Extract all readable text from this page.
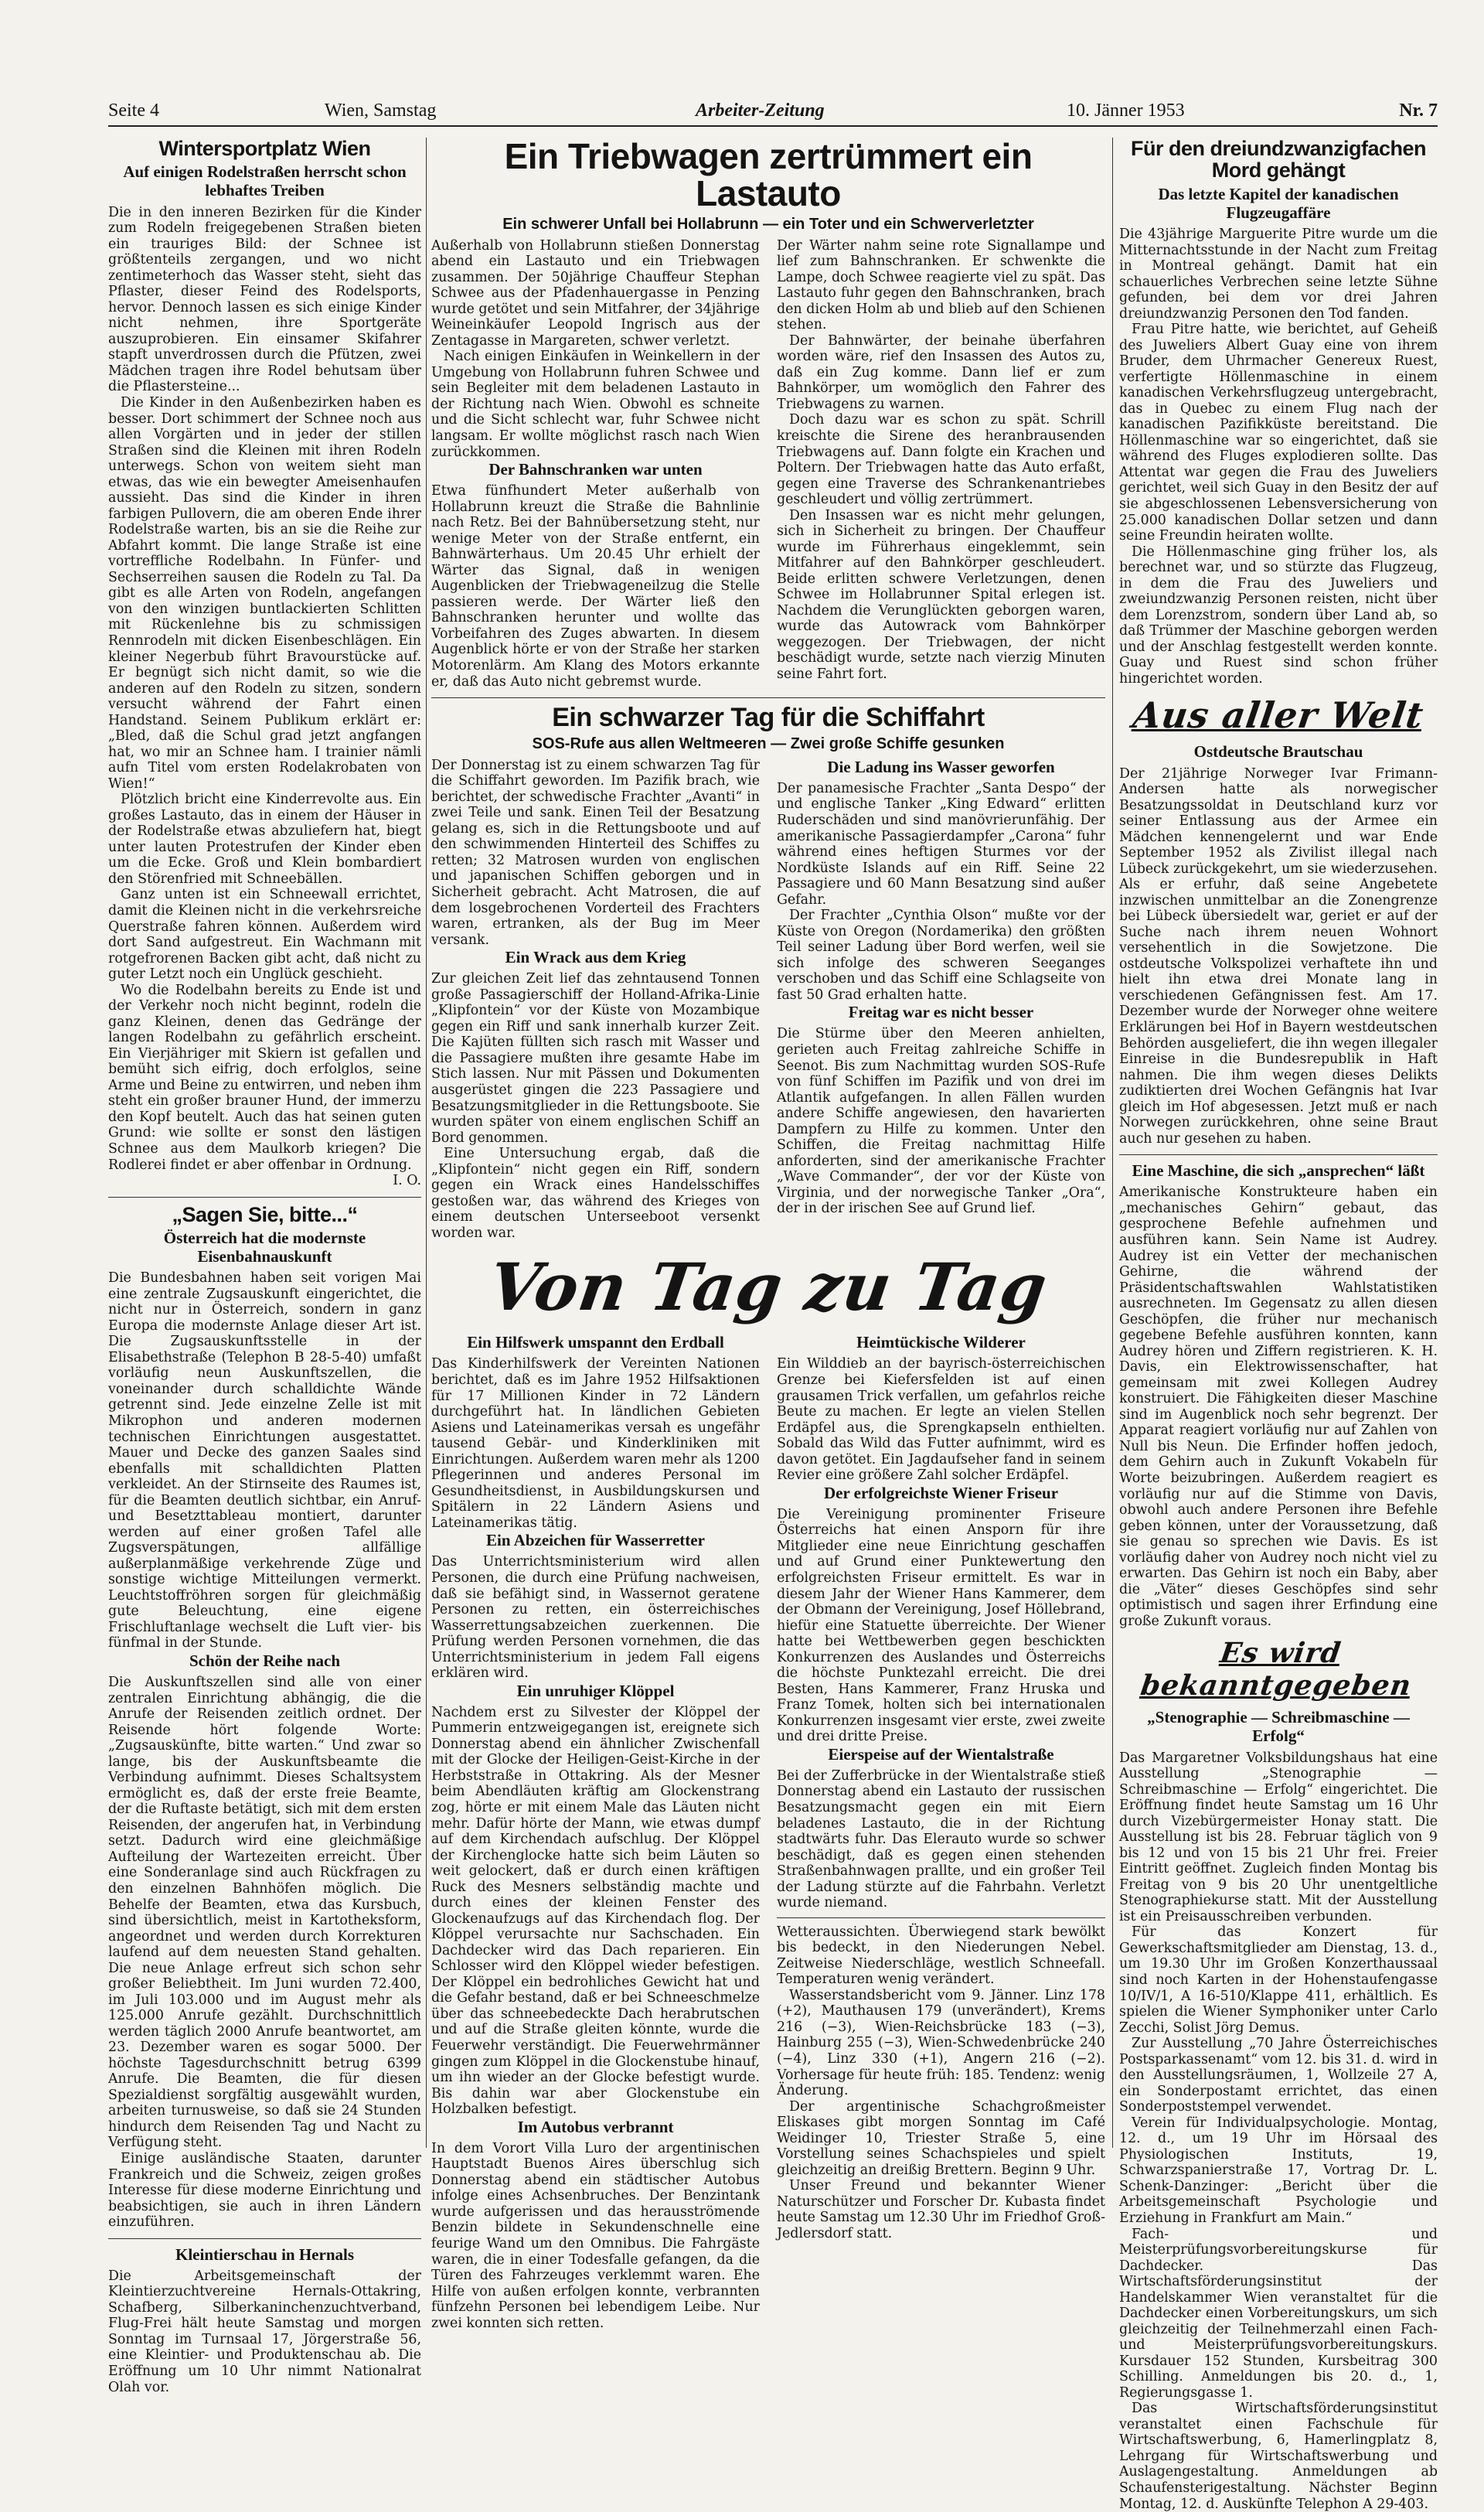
Seite 4	Wien, Samstag	Arbeiter-Zeitung	10. Jänner 1953	Nr. 7
Wintersportplatz Wien
Auf einigen Rodelstraßen herrscht schon lebhaftes Treiben

Die in den inneren Bezirken für die Kinder zum Rodeln freigegebenen Straßen bieten ein trauriges Bild: der Schnee ist größtenteils zergangen, und wo nicht zentimeterhoch das Wasser steht, sieht das Pflaster, dieser Feind des Rodelsports, hervor. Dennoch lassen es sich einige Kinder nicht nehmen, ihre Sportgeräte auszuprobieren. Ein einsamer Skifahrer stapft unverdrossen durch die Pfützen, zwei Mädchen tragen ihre Rodel behutsam über die Pflastersteine...

Die Kinder in den Außenbezirken haben es besser. Dort schimmert der Schnee noch aus allen Vorgärten und in jeder der stillen Straßen sind die Kleinen mit ihren Rodeln unterwegs. Schon von weitem sieht man etwas, das wie ein bewegter Ameisenhaufen aussieht. Das sind die Kinder in ihren farbigen Pullovern, die am oberen Ende ihrer Rodelstraße warten, bis an sie die Reihe zur Abfahrt kommt. Die lange Straße ist eine vortreffliche Rodelbahn. In Fünfer- und Sechserreihen sausen die Rodeln zu Tal. Da gibt es alle Arten von Rodeln, angefangen von den winzigen buntlackierten Schlitten mit Rückenlehne bis zu schmissigen Rennrodeln mit dicken Eisenbeschlägen. Ein kleiner Negerbub führt Bravourstücke auf. Er begnügt sich nicht damit, so wie die anderen auf den Rodeln zu sitzen, sondern versucht während der Fahrt einen Handstand. Seinem Publikum erklärt er: „Bled, daß die Schul grad jetzt angfangen hat, wo mir an Schnee ham. I trainier nämli aufn Titel vom ersten Rodelakrobaten von Wien!“

Plötzlich bricht eine Kinderrevolte aus. Ein großes Lastauto, das in einem der Häuser in der Rodelstraße etwas abzuliefern hat, biegt unter lauten Protestrufen der Kinder eben um die Ecke. Groß und Klein bombardiert den Störenfried mit Schneebällen.

Ganz unten ist ein Schneewall errichtet, damit die Kleinen nicht in die verkehrsreiche Querstraße fahren können. Außerdem wird dort Sand aufgestreut. Ein Wachmann mit rotgefrorenen Backen gibt acht, daß nicht zu guter Letzt noch ein Unglück geschieht.

Wo die Rodelbahn bereits zu Ende ist und der Verkehr noch nicht beginnt, rodeln die ganz Kleinen, denen das Gedränge der langen Rodelbahn zu gefährlich erscheint. Ein Vierjähriger mit Skiern ist gefallen und bemüht sich eifrig, doch erfolglos, seine Arme und Beine zu entwirren, und neben ihm steht ein großer brauner Hund, der immerzu den Kopf beutelt. Auch das hat seinen guten Grund: wie sollte er sonst den lästigen Schnee aus dem Maulkorb kriegen? Die Rodlerei findet er aber offenbar in Ordnung.

I. O.

„Sagen Sie, bitte...“
Österreich hat die modernste Eisenbahnauskunft

Die Bundesbahnen haben seit vorigen Mai eine zentrale Zugsauskunft eingerichtet, die nicht nur in Österreich, sondern in ganz Europa die modernste Anlage dieser Art ist. Die Zugsauskunftsstelle in der Elisabethstraße (Telephon B 28-5-40) umfaßt vorläufig neun Auskunftszellen, die voneinander durch schalldichte Wände getrennt sind. Jede einzelne Zelle ist mit Mikrophon und anderen modernen technischen Einrichtungen ausgestattet. Mauer und Decke des ganzen Saales sind ebenfalls mit schalldichten Platten verkleidet. An der Stirnseite des Raumes ist, für die Beamten deutlich sichtbar, ein Anruf- und Besetzttableau montiert, darunter werden auf einer großen Tafel alle Zugsverspätungen, allfällige außerplanmäßige verkehrende Züge und sonstige wichtige Mitteilungen vermerkt. Leuchtstoffröhren sorgen für gleichmäßig gute Beleuchtung, eine eigene Frischluftanlage wechselt die Luft vier- bis fünfmal in der Stunde.

Schön der Reihe nach

Die Auskunftszellen sind alle von einer zentralen Einrichtung abhängig, die die Anrufe der Reisenden zeitlich ordnet. Der Reisende hört folgende Worte: „Zugsauskünfte, bitte warten.“ Und zwar so lange, bis der Auskunftsbeamte die Verbindung aufnimmt. Dieses Schaltsystem ermöglicht es, daß der erste freie Beamte, der die Ruftaste betätigt, sich mit dem ersten Reisenden, der angerufen hat, in Verbindung setzt. Dadurch wird eine gleichmäßige Aufteilung der Wartezeiten erreicht. Über eine Sonderanlage sind auch Rückfragen zu den einzelnen Bahnhöfen möglich. Die Behelfe der Beamten, etwa das Kursbuch, sind übersichtlich, meist in Kartotheksform, angeordnet und werden durch Korrekturen laufend auf dem neuesten Stand gehalten. Die neue Anlage erfreut sich schon sehr großer Beliebtheit. Im Juni wurden 72.400, im Juli 103.000 und im August mehr als 125.000 Anrufe gezählt. Durchschnittlich werden täglich 2000 Anrufe beantwortet, am 23. Dezember waren es sogar 5000. Der höchste Tagesdurchschnitt betrug 6399 Anrufe. Die Beamten, die für diesen Spezialdienst sorgfältig ausgewählt wurden, arbeiten turnusweise, so daß sie 24 Stunden hindurch dem Reisenden Tag und Nacht zu Verfügung steht.

Einige ausländische Staaten, darunter Frankreich und die Schweiz, zeigen großes Interesse für diese moderne Einrichtung und beabsichtigen, sie auch in ihren Ländern einzuführen.

Kleintierschau in Hernals

Die Arbeitsgemeinschaft der Kleintierzuchtvereine Hernals-Ottakring, Schafberg, Silberkaninchenzuchtverband, Flug-Frei hält heute Samstag und morgen Sonntag im Turnsaal 17, Jörgerstraße 56, eine Kleintier- und Produktenschau ab. Die Eröffnung um 10 Uhr nimmt Nationalrat Olah vor.

Ein Triebwagen zertrümmert ein Lastauto
Ein schwerer Unfall bei Hollabrunn — ein Toter und ein Schwerverletzter

Außerhalb von Hollabrunn stießen Donnerstag abend ein Lastauto und ein Triebwagen zusammen. Der 50jährige Chauffeur Stephan Schwee aus der Pfadenhauergasse in Penzing wurde getötet und sein Mitfahrer, der 34jährige Weineinkäufer Leopold Ingrisch aus der Zentagasse in Margareten, schwer verletzt.

Nach einigen Einkäufen in Weinkellern in der Umgebung von Hollabrunn fuhren Schwee und sein Begleiter mit dem beladenen Lastauto in der Richtung nach Wien. Obwohl es schneite und die Sicht schlecht war, fuhr Schwee nicht langsam. Er wollte möglichst rasch nach Wien zurückkommen.

Der Bahnschranken war unten

Etwa fünfhundert Meter außerhalb von Hollabrunn kreuzt die Straße die Bahnlinie nach Retz. Bei der Bahnübersetzung steht, nur wenige Meter von der Straße entfernt, ein Bahnwärterhaus. Um 20.45 Uhr erhielt der Wärter das Signal, daß in wenigen Augenblicken der Triebwageneilzug die Stelle passieren werde. Der Wärter ließ den Bahnschranken herunter und wollte das Vorbeifahren des Zuges abwarten. In diesem Augenblick hörte er von der Straße her starken Motorenlärm. Am Klang des Motors erkannte er, daß das Auto nicht gebremst wurde.

Der Wärter nahm seine rote Signallampe und lief zum Bahnschranken. Er schwenkte die Lampe, doch Schwee reagierte viel zu spät. Das Lastauto fuhr gegen den Bahnschranken, brach den dicken Holm ab und blieb auf den Schienen stehen.

Der Bahnwärter, der beinahe überfahren worden wäre, rief den Insassen des Autos zu, daß ein Zug komme. Dann lief er zum Bahnkörper, um womöglich den Fahrer des Triebwagens zu warnen.

Doch dazu war es schon zu spät. Schrill kreischte die Sirene des heranbrausenden Triebwagens auf. Dann folgte ein Krachen und Poltern. Der Triebwagen hatte das Auto erfaßt, gegen eine Traverse des Schrankenantriebes geschleudert und völlig zertrümmert.

Den Insassen war es nicht mehr gelungen, sich in Sicherheit zu bringen. Der Chauffeur wurde im Führerhaus eingeklemmt, sein Mitfahrer auf den Bahnkörper geschleudert. Beide erlitten schwere Verletzungen, denen Schwee im Hollabrunner Spital erlegen ist. Nachdem die Verunglückten geborgen waren, wurde das Autowrack vom Bahnkörper weggezogen. Der Triebwagen, der nicht beschädigt wurde, setzte nach vierzig Minuten seine Fahrt fort.

Ein schwarzer Tag für die Schiffahrt
SOS-Rufe aus allen Weltmeeren — Zwei große Schiffe gesunken

Der Donnerstag ist zu einem schwarzen Tag für die Schiffahrt geworden. Im Pazifik brach, wie berichtet, der schwedische Frachter „Avanti“ in zwei Teile und sank. Einen Teil der Besatzung gelang es, sich in die Rettungsboote und auf den schwimmenden Hinterteil des Schiffes zu retten; 32 Matrosen wurden von englischen und japanischen Schiffen geborgen und in Sicherheit gebracht. Acht Matrosen, die auf dem losgebrochenen Vorderteil des Frachters waren, ertranken, als der Bug im Meer versank.

Ein Wrack aus dem Krieg

Zur gleichen Zeit lief das zehntausend Tonnen große Passagierschiff der Holland-Afrika-Linie „Klipfontein“ vor der Küste von Mozambique gegen ein Riff und sank innerhalb kurzer Zeit. Die Kajüten füllten sich rasch mit Wasser und die Passagiere mußten ihre gesamte Habe im Stich lassen. Nur mit Pässen und Dokumenten ausgerüstet gingen die 223 Passagiere und Besatzungsmitglieder in die Rettungsboote. Sie wurden später von einem englischen Schiff an Bord genommen.

Eine Untersuchung ergab, daß die „Klipfontein“ nicht gegen ein Riff, sondern gegen ein Wrack eines Handelsschiffes gestoßen war, das während des Krieges von einem deutschen Unterseeboot versenkt worden war.

Die Ladung ins Wasser geworfen

Der panamesische Frachter „Santa Despo“ der und englische Tanker „King Edward“ erlitten Ruderschäden und sind manövrierunfähig. Der amerikanische Passagierdampfer „Carona“ fuhr während eines heftigen Sturmes vor der Nordküste Islands auf ein Riff. Seine 22 Passagiere und 60 Mann Besatzung sind außer Gefahr.

Der Frachter „Cynthia Olson“ mußte vor der Küste von Oregon (Nordamerika) den größten Teil seiner Ladung über Bord werfen, weil sie sich infolge des schweren Seeganges verschoben und das Schiff eine Schlagseite von fast 50 Grad erhalten hatte.

Freitag war es nicht besser

Die Stürme über den Meeren anhielten, gerieten auch Freitag zahlreiche Schiffe in Seenot. Bis zum Nachmittag wurden SOS-Rufe von fünf Schiffen im Pazifik und von drei im Atlantik aufgefangen. In allen Fällen wurden andere Schiffe angewiesen, den havarierten Dampfern zu Hilfe zu kommen. Unter den Schiffen, die Freitag nachmittag Hilfe anforderten, sind der amerikanische Frachter „Wave Commander“, der vor der Küste von Virginia, und der norwegische Tanker „Ora“, der in der irischen See auf Grund lief.

Von Tag zu Tag
Ein Hilfswerk umspannt den Erdball

Das Kinderhilfswerk der Vereinten Nationen berichtet, daß es im Jahre 1952 Hilfsaktionen für 17 Millionen Kinder in 72 Ländern durchgeführt hat. In ländlichen Gebieten Asiens und Lateinamerikas versah es ungefähr tausend Gebär- und Kinderkliniken mit Einrichtungen. Außerdem waren mehr als 1200 Pflegerinnen und anderes Personal im Gesundheitsdienst, in Ausbildungskursen und Spitälern in 22 Ländern Asiens und Lateinamerikas tätig.

Ein Abzeichen für Wasserretter

Das Unterrichtsministerium wird allen Personen, die durch eine Prüfung nachweisen, daß sie befähigt sind, in Wassernot geratene Personen zu retten, ein österreichisches Wasserrettungsabzeichen zuerkennen. Die Prüfung werden Personen vornehmen, die das Unterrichtsministerium in jedem Fall eigens erklären wird.

Ein unruhiger Klöppel

Nachdem erst zu Silvester der Klöppel der Pummerin entzweigegangen ist, ereignete sich Donnerstag abend ein ähnlicher Zwischenfall mit der Glocke der Heiligen-Geist-Kirche in der Herbststraße in Ottakring. Als der Mesner beim Abendläuten kräftig am Glockenstrang zog, hörte er mit einem Male das Läuten nicht mehr. Dafür hörte der Mann, wie etwas dumpf auf dem Kirchendach aufschlug. Der Klöppel der Kirchenglocke hatte sich beim Läuten so weit gelockert, daß er durch einen kräftigen Ruck des Mesners selbständig machte und durch eines der kleinen Fenster des Glockenaufzugs auf das Kirchendach flog. Der Klöppel verursachte nur Sachschaden. Ein Dachdecker wird das Dach reparieren. Ein Schlosser wird den Klöppel wieder befestigen. Der Klöppel ein bedrohliches Gewicht hat und die Gefahr bestand, daß er bei Schneeschmelze über das schneebedeckte Dach herabrutschen und auf die Straße gleiten könnte, wurde die Feuerwehr verständigt. Die Feuerwehrmänner gingen zum Klöppel in die Glockenstube hinauf, um ihn wieder an der Glocke befestigt wurde. Bis dahin war aber Glockenstube ein Holzbalken befestigt.

Im Autobus verbrannt

In dem Vorort Villa Luro der argentinischen Hauptstadt Buenos Aires überschlug sich Donnerstag abend ein städtischer Autobus infolge eines Achsenbruches. Der Benzintank wurde aufgerissen und das herausströmende Benzin bildete in Sekundenschnelle eine feurige Wand um den Omnibus. Die Fahrgäste waren, die in einer Todesfalle gefangen, da die Türen des Fahrzeuges verklemmt waren. Ehe Hilfe von außen erfolgen konnte, verbrannten fünfzehn Personen bei lebendigem Leibe. Nur zwei konnten sich retten.

Heimtückische Wilderer

Ein Wilddieb an der bayrisch-österreichischen Grenze bei Kiefersfelden ist auf einen grausamen Trick verfallen, um gefahrlos reiche Beute zu machen. Er legte an vielen Stellen Erdäpfel aus, die Sprengkapseln enthielten. Sobald das Wild das Futter aufnimmt, wird es davon getötet. Ein Jagdaufseher fand in seinem Revier eine größere Zahl solcher Erdäpfel.

Der erfolgreichste Wiener Friseur

Die Vereinigung prominenter Friseure Österreichs hat einen Ansporn für ihre Mitglieder eine neue Einrichtung geschaffen und auf Grund einer Punktewertung den erfolgreichsten Friseur ermittelt. Es war in diesem Jahr der Wiener Hans Kammerer, dem der Obmann der Vereinigung, Josef Höllebrand, hiefür eine Statuette überreichte. Der Wiener hatte bei Wettbewerben gegen beschickten Konkurrenzen des Auslandes und Österreichs die höchste Punktezahl erreicht. Die drei Besten, Hans Kammerer, Franz Hruska und Franz Tomek, holten sich bei internationalen Konkurrenzen insgesamt vier erste, zwei zweite und drei dritte Preise.

Eierspeise auf der Wientalstraße

Bei der Zufferbrücke in der Wientalstraße stieß Donnerstag abend ein Lastauto der russischen Besatzungsmacht gegen ein mit Eiern beladenes Lastauto, die in der Richtung stadtwärts fuhr. Das Elerauto wurde so schwer beschädigt, daß es gegen einen stehenden Straßenbahnwagen prallte, und ein großer Teil der Ladung stürzte auf die Fahrbahn. Verletzt wurde niemand.

Wetteraussichten. Überwiegend stark bewölkt bis bedeckt, in den Niederungen Nebel. Zeitweise Niederschläge, westlich Schneefall. Temperaturen wenig verändert.

Wasserstandsbericht vom 9. Jänner. Linz 178 (+2), Mauthausen 179 (unverändert), Krems 216 (−3), Wien-Reichsbrücke 183 (−3), Hainburg 255 (−3), Wien-Schwedenbrücke 240 (−4), Linz 330 (+1), Angern 216 (−2). Vorhersage für heute früh: 185. Tendenz: wenig Änderung.

Der argentinische Schachgroßmeister Eliskases gibt morgen Sonntag im Café Weidinger 10, Triester Straße 5, eine Vorstellung seines Schachspieles und spielt gleichzeitig an dreißig Brettern. Beginn 9 Uhr.

Unser Freund und bekannter Wiener Naturschützer und Forscher Dr. Kubasta findet heute Samstag um 12.30 Uhr im Friedhof Groß-Jedlersdorf statt.

Für den dreiundzwanzigfachen Mord gehängt
Das letzte Kapitel der kanadischen Flugzeugaffäre

Die 43jährige Marguerite Pitre wurde um die Mitternachtsstunde in der Nacht zum Freitag in Montreal gehängt. Damit hat ein schauerliches Verbrechen seine letzte Sühne gefunden, bei dem vor drei Jahren dreiundzwanzig Personen den Tod fanden.

Frau Pitre hatte, wie berichtet, auf Geheiß des Juweliers Albert Guay eine von ihrem Bruder, dem Uhrmacher Genereux Ruest, verfertigte Höllenmaschine in einem kanadischen Verkehrsflugzeug untergebracht, das in Quebec zu einem Flug nach der kanadischen Pazifikküste bereitstand. Die Höllenmaschine war so eingerichtet, daß sie während des Fluges explodieren sollte. Das Attentat war gegen die Frau des Juweliers gerichtet, weil sich Guay in den Besitz der auf sie abgeschlossenen Lebensversicherung von 25.000 kanadischen Dollar setzen und dann seine Freundin heiraten wollte.

Die Höllenmaschine ging früher los, als berechnet war, und so stürzte das Flugzeug, in dem die Frau des Juweliers und zweiundzwanzig Personen reisten, nicht über dem Lorenzstrom, sondern über Land ab, so daß Trümmer der Maschine geborgen werden und der Anschlag festgestellt werden konnte. Guay und Ruest sind schon früher hingerichtet worden.

Aus aller Welt
Ostdeutsche Brautschau

Der 21jährige Norweger Ivar Frimann-Andersen hatte als norwegischer Besatzungssoldat in Deutschland kurz vor seiner Entlassung aus der Armee ein Mädchen kennengelernt und war Ende September 1952 als Zivilist illegal nach Lübeck zurückgekehrt, um sie wiederzusehen. Als er erfuhr, daß seine Angebetete inzwischen unmittelbar an die Zonengrenze bei Lübeck übersiedelt war, geriet er auf der Suche nach ihrem neuen Wohnort versehentlich in die Sowjetzone. Die ostdeutsche Volkspolizei verhaftete ihn und hielt ihn etwa drei Monate lang in verschiedenen Gefängnissen fest. Am 17. Dezember wurde der Norweger ohne weitere Erklärungen bei Hof in Bayern westdeutschen Behörden ausgeliefert, die ihn wegen illegaler Einreise in die Bundesrepublik in Haft nahmen. Die ihm wegen dieses Delikts zudiktierten drei Wochen Gefängnis hat Ivar gleich im Hof abgesessen. Jetzt muß er nach Norwegen zurückkehren, ohne seine Braut auch nur gesehen zu haben.

Eine Maschine, die sich „ansprechen“ läßt

Amerikanische Konstrukteure haben ein „mechanisches Gehirn“ gebaut, das gesprochene Befehle aufnehmen und ausführen kann. Sein Name ist Audrey. Audrey ist ein Vetter der mechanischen Gehirne, die während der Präsidentschaftswahlen Wahlstatistiken ausrechneten. Im Gegensatz zu allen diesen Geschöpfen, die früher nur mechanisch gegebene Befehle ausführen konnten, kann Audrey hören und Ziffern registrieren. K. H. Davis, ein Elektrowissenschafter, hat gemeinsam mit zwei Kollegen Audrey konstruiert. Die Fähigkeiten dieser Maschine sind im Augenblick noch sehr begrenzt. Der Apparat reagiert vorläufig nur auf Zahlen von Null bis Neun. Die Erfinder hoffen jedoch, dem Gehirn auch in Zukunft Vokabeln für Worte beizubringen. Außerdem reagiert es vorläufig nur auf die Stimme von Davis, obwohl auch andere Personen ihre Befehle geben können, unter der Voraussetzung, daß sie genau so sprechen wie Davis. Es ist vorläufig daher von Audrey noch nicht viel zu erwarten. Das Gehirn ist noch ein Baby, aber die „Väter“ dieses Geschöpfes sind sehr optimistisch und sagen ihrer Erfindung eine große Zukunft voraus.

Es wird bekanntgegeben
„Stenographie — Schreibmaschine — Erfolg“

Das Margaretner Volksbildungshaus hat eine Ausstellung „Stenographie — Schreibmaschine — Erfolg“ eingerichtet. Die Eröffnung findet heute Samstag um 16 Uhr durch Vizebürgermeister Honay statt. Die Ausstellung ist bis 28. Februar täglich von 9 bis 12 und von 15 bis 21 Uhr frei. Freier Eintritt geöffnet. Zugleich finden Montag bis Freitag von 9 bis 20 Uhr unentgeltliche Stenographiekurse statt. Mit der Ausstellung ist ein Preisausschreiben verbunden.

Für das Konzert für Gewerkschaftsmitglieder am Dienstag, 13. d., um 19.30 Uhr im Großen Konzerthaussaal sind noch Karten in der Hohenstaufengasse 10/IV/1, A 16-510/Klappe 411, erhältlich. Es spielen die Wiener Symphoniker unter Carlo Zecchi, Solist Jörg Demus.

Zur Ausstellung „70 Jahre Österreichisches Postsparkassenamt“ vom 12. bis 31. d. wird in den Ausstellungsräumen, 1, Wollzeile 27 A, ein Sonderpostamt errichtet, das einen Sonderpoststempel verwendet.

Verein für Individualpsychologie. Montag, 12. d., um 19 Uhr im Hörsaal des Physiologischen Instituts, 19, Schwarzspanierstraße 17, Vortrag Dr. L. Schenk-Danzinger: „Bericht über die Arbeitsgemeinschaft Psychologie und Erziehung in Frankfurt am Main.“

Fach- und Meisterprüfungsvorbereitungskurse für Dachdecker. Das Wirtschaftsförderungsinstitut der Handelskammer Wien veranstaltet für die Dachdecker einen Vorbereitungskurs, um sich gleichzeitig der Teilnehmerzahl einen Fach- und Meisterprüfungsvorbereitungskurs. Kursdauer 152 Stunden, Kursbeitrag 300 Schilling. Anmeldungen bis 20. d., 1, Regierungsgasse 1.

Das Wirtschaftsförderungsinstitut veranstaltet einen Fachschule für Wirtschaftswerbung, 6, Hamerlingplatz 8, Lehrgang für Wirtschaftswerbung und Auslagengestaltung. Anmeldungen ab Schaufensterigestaltung. Nächster Beginn Montag, 12. d. Auskünfte Telephon A 29-403.
